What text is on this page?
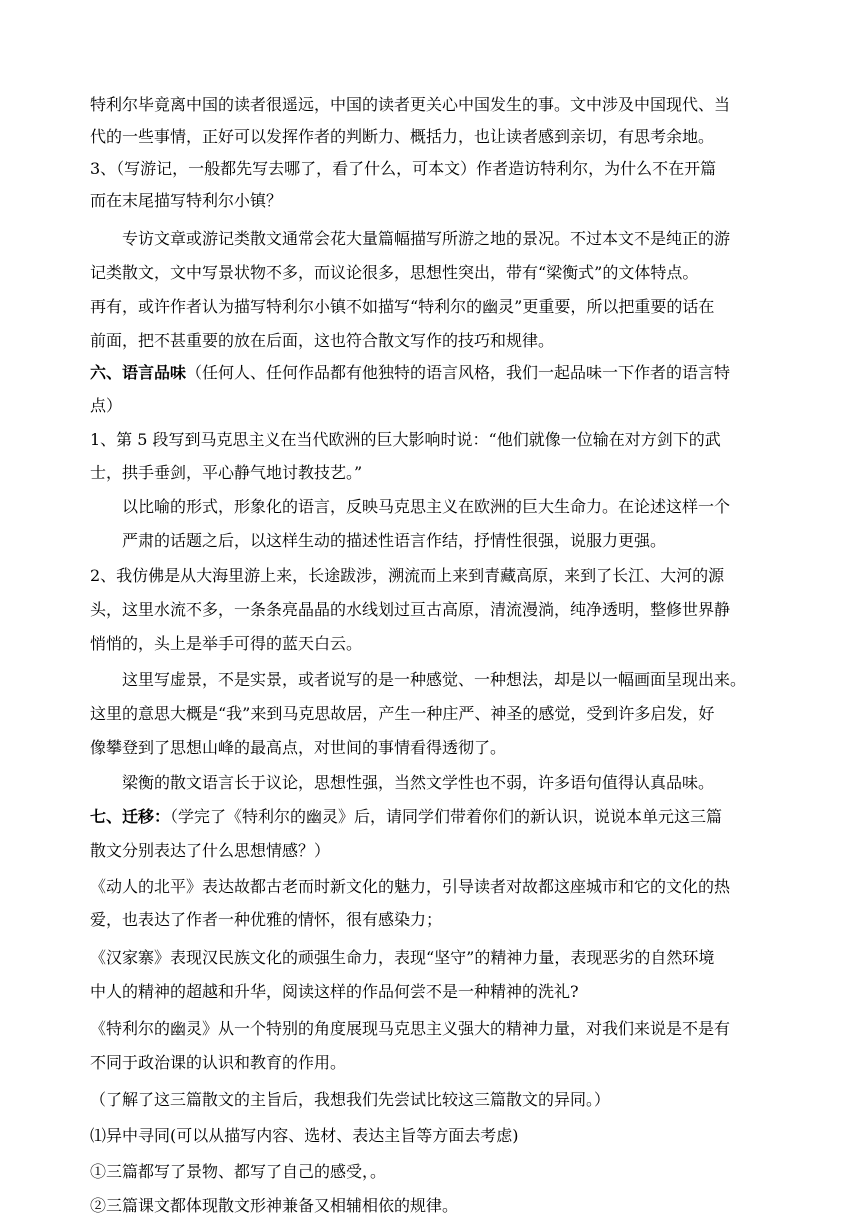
特利尔毕竟离中国的读者很遥远，中国的读者更关心中国发生的事。文中涉及中国现代、当
代的一些事情，正好可以发挥作者的判断力、概括力，也让读者感到亲切，有思考余地。
3、（写游记，一般都先写去哪了，看了什么，可本文）作者造访特利尔，为什么不在开篇
而在末尾描写特利尔小镇？
专访文章或游记类散文通常会花大量篇幅描写所游之地的景况。不过本文不是纯正的游
记类散文，文中写景状物不多，而议论很多，思想性突出，带有“梁衡式”的文体特点。
再有，或许作者认为描写特利尔小镇不如描写“特利尔的幽灵”更重要，所以把重要的话在
前面，把不甚重要的放在后面，这也符合散文写作的技巧和规律。
六、语言品味（任何人、任何作品都有他独特的语言风格，我们一起品味一下作者的语言特
点）
1、第 5 段写到马克思主义在当代欧洲的巨大影响时说：“他们就像一位输在对方剑下的武
士，拱手垂剑，平心静气地讨教技艺。”
以比喻的形式，形象化的语言，反映马克思主义在欧洲的巨大生命力。在论述这样一个
严肃的话题之后，以这样生动的描述性语言作结，抒情性很强，说服力更强。
2、我仿佛是从大海里游上来，长途跋涉，溯流而上来到青藏高原，来到了长江、大河的源
头，这里水流不多，一条条亮晶晶的水线划过亘古高原，清流漫淌，纯净透明，整修世界静
悄悄的，头上是举手可得的蓝天白云。
这里写虚景，不是实景，或者说写的是一种感觉、一种想法，却是以一幅画面呈现出来。
这里的意思大概是“我”来到马克思故居，产生一种庄严、神圣的感觉，受到许多启发，好
像攀登到了思想山峰的最高点，对世间的事情看得透彻了。
梁衡的散文语言长于议论，思想性强，当然文学性也不弱，许多语句值得认真品味。
七、迁移：（学完了《特利尔的幽灵》后，请同学们带着你们的新认识，说说本单元这三篇
散文分别表达了什么思想情感？）
《动人的北平》表达故都古老而时新文化的魅力，引导读者对故都这座城市和它的文化的热
爱，也表达了作者一种优雅的情怀，很有感染力；
《汉家寨》表现汉民族文化的顽强生命力，表现“坚守”的精神力量，表现恶劣的自然环境
中人的精神的超越和升华，阅读这样的作品何尝不是一种精神的洗礼?
《特利尔的幽灵》从一个特别的角度展现马克思主义强大的精神力量，对我们来说是不是有
不同于政治课的认识和教育的作用。
（了解了这三篇散文的主旨后，我想我们先尝试比较这三篇散文的异同。）
⑴异中寻同(可以从描写内容、选材、表达主旨等方面去考虑)
①三篇都写了景物、都写了自己的感受，。
②三篇课文都体现散文形神兼备又相辅相依的规律。
